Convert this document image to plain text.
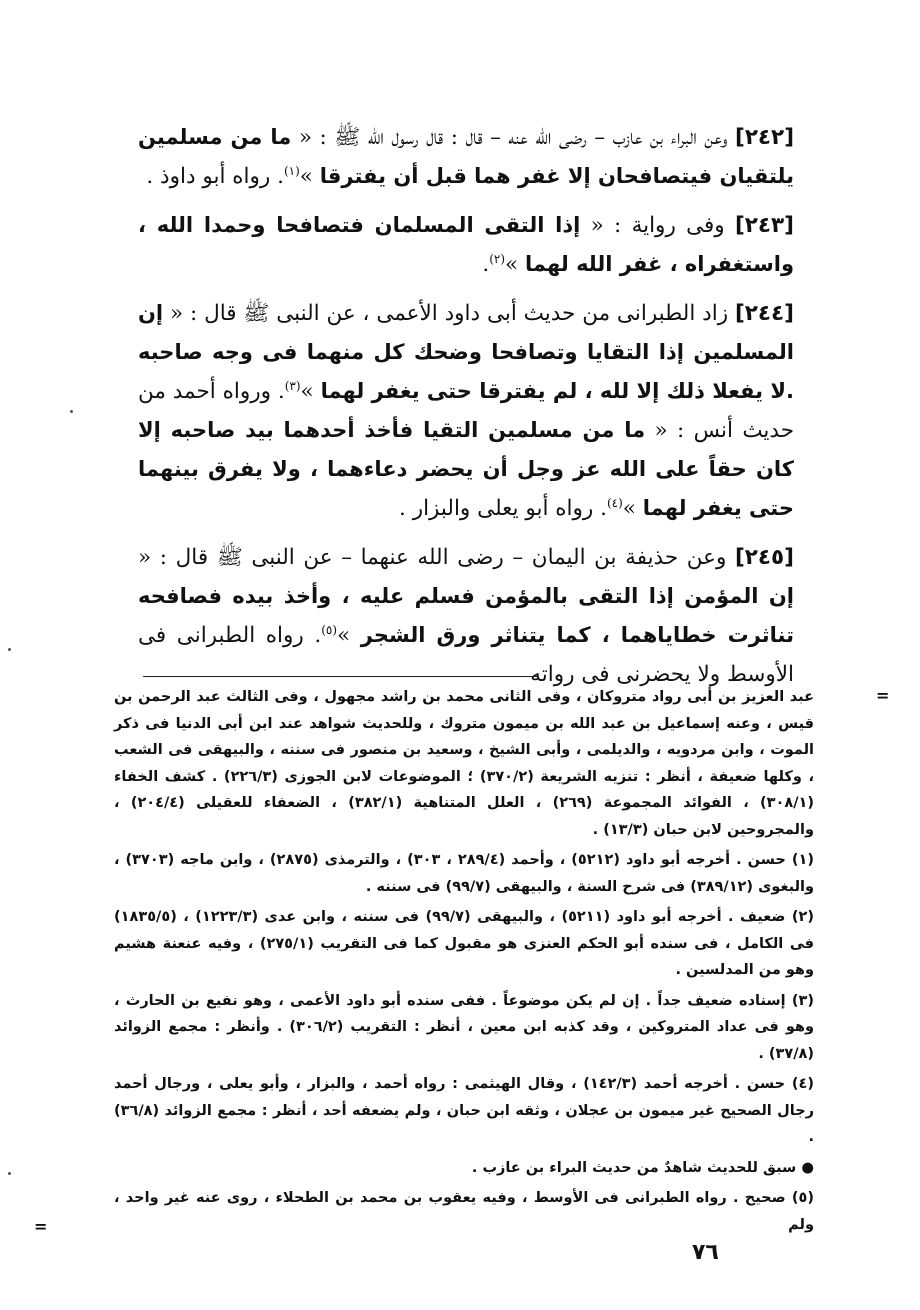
[٢٤٢] وعن البراء بن عازب – رضى الله عنه – قال : قال رسول الله ﷺ : « ما من مسلمين يلتقيان فيتصافحان إلا غفر هما قبل أن يفترقا »$^{(١)}$. رواه أبو داوذ .

[٢٤٣] وفى رواية : « إذا التقى المسلمان فتصافحا وحمدا الله ، واستغفراه ، غفر الله لهما »$^{(٢)}$.

[٢٤٤] زاد الطبرانى من حديث أبى داود الأعمى ، عن النبى ﷺ قال : « إن المسلمين إذا التقايا وتصافحا وضحك كل منهما فى وجه صاحبه .لا يفعلا ذلك إلا لله ، لم يفترقا حتى يغفر لهما »$^{(٣)}$. ورواه أحمد من حديث أنس : « ما من مسلمين التقيا فأخذ أحدهما بيد صاحبه إلا كان حقاً على الله عز وجل أن يحضر دعاءهما ، ولا يفرق بينهما حتى يغفر لهما »$^{(٤)}$. رواه أبو يعلى والبزار .

[٢٤٥] وعن حذيفة بن اليمان – رضى الله عنهما – عن النبى ﷺ قال : « إن المؤمن إذا التقى بالمؤمن فسلم عليه ، وأخذ بيده فصافحه تناثرت خطاياهما ، كما يتناثر ورق الشجر »$^{(٥)}$. رواه الطبرانى فى الأوسط ولا يحضرنى فى رواته

=

عبد العزيز بن أبى رواد متروكان ، وفى الثانى محمد بن راشد مجهول ، وفى الثالث عبد الرحمن بن قيس ، وعنه إسماعيل بن عبد الله بن ميمون متروك ، وللحديث شواهد عند ابن أبى الدنيا فى ذكر الموت ، وابن مردويه ، والديلمى ، وأبى الشيخ ، وسعيد بن منصور فى سننه ، والبيهقى فى الشعب ، وكلها ضعيفة ، أنظر : تنزيه الشريعة (٣٧٠/٢) ؛ الموضوعات لابن الجوزى (٢٢٦/٣) . كشف الخفاء (٣٠٨/١) ، الفوائد المجموعة (٢٦٩) ، العلل المتناهية (٣٨٢/١) ، الضعفاء للعقيلى (٢٠٤/٤) ، والمجروحين لابن حبان (١٣/٣) .

(١) حسن . أخرجه أبو داود (٥٢١٢) ، وأحمد (٢٨٩/٤ ، ٣٠٣) ، والترمذى (٢٨٧٥) ، وابن ماجه (٣٧٠٣) ، والبغوى (٣٨٩/١٢) فى شرح السنة ، والبيهقى (٩٩/٧) فى سننه .

(٢) ضعيف . أخرجه أبو داود (٥٢١١) ، والبيهقى (٩٩/٧) فى سننه ، وابن عدى (١٢٢٣/٣) ، (١٨٣٥/٥) فى الكامل ، فى سنده أبو الحكم العنزى هو مقبول كما فى التقريب (٢٧٥/١) ، وفيه عنعنة هشيم وهو من المدلسين .

(٣) إسناده ضعيف جداً . إن لم يكن موضوعاً . ففى سنده أبو داود الأعمى ، وهو نفيع بن الحارث ، وهو فى عداد المتروكين ، وقد كذبه ابن معين ، أنظر : التقريب (٣٠٦/٢) . وأنظر : مجمع الزوائد (٣٧/٨) .

(٤) حسن . أخرجه أحمد (١٤٢/٣) ، وقال الهيثمى : رواه أحمد ، والبزار ، وأبو يعلى ، ورجال أحمد رجال الصحيح غير ميمون بن عجلان ، وثقه ابن حبان ، ولم يضعفه أحد ، أنظر : مجمع الزوائد (٣٦/٨) .

● سبق للحديث شاهدٌ من حديث البراء بن عازب .

(٥) صحيح . رواه الطبرانى فى الأوسط ، وفيه يعقوب بن محمد بن الطحلاء ، روى عنه غير واحد ، ولم

=
٧٦
